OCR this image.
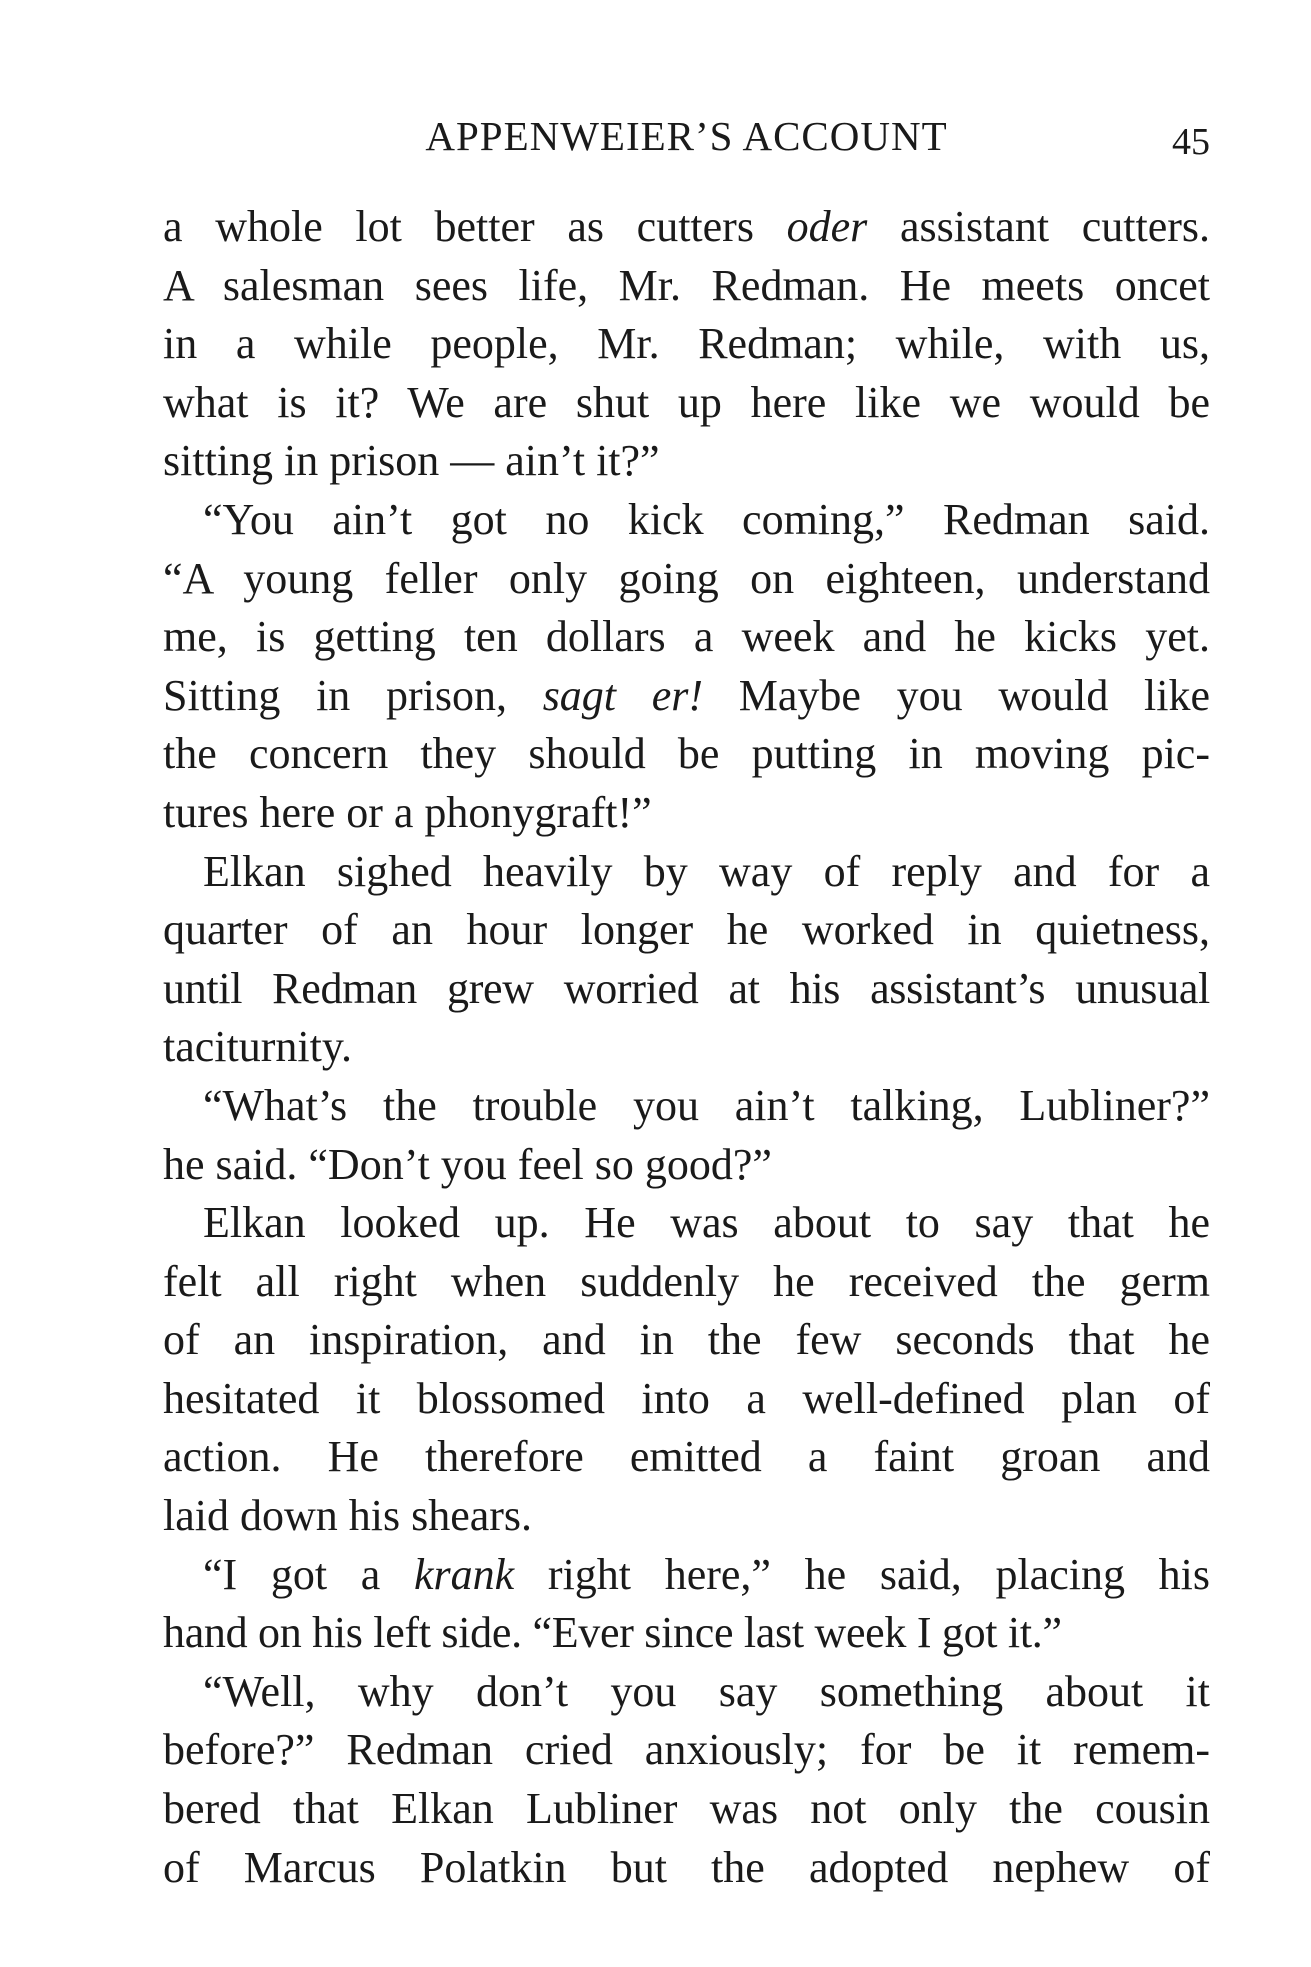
APPENWEIER’S ACCOUNT	45
a whole lot better as cutters oder assistant cutters.
A salesman sees life, Mr. Redman. He meets oncet
in a while people, Mr. Redman; while, with us,
what is it? We are shut up here like we would be
sitting in prison — ain’t it?”
“You ain’t got no kick coming,” Redman said.
“A young feller only going on eighteen, understand
me, is getting ten dollars a week and he kicks yet.
Sitting in prison, sagt er! Maybe you would like
the concern they should be putting in moving pic-
tures here or a phonygraft!”
Elkan sighed heavily by way of reply and for a
quarter of an hour longer he worked in quietness,
until Redman grew worried at his assistant’s unusual
taciturnity.
“What’s the trouble you ain’t talking, Lubliner?”
he said. “Don’t you feel so good?”
Elkan looked up. He was about to say that he
felt all right when suddenly he received the germ
of an inspiration, and in the few seconds that he
hesitated it blossomed into a well-defined plan of
action. He therefore emitted a faint groan and
laid down his shears.
“I got a krank right here,” he said, placing his
hand on his left side. “Ever since last week I got it.”
“Well, why don’t you say something about it
before?” Redman cried anxiously; for be it remem-
bered that Elkan Lubliner was not only the cousin
of Marcus Polatkin but the adopted nephew of
